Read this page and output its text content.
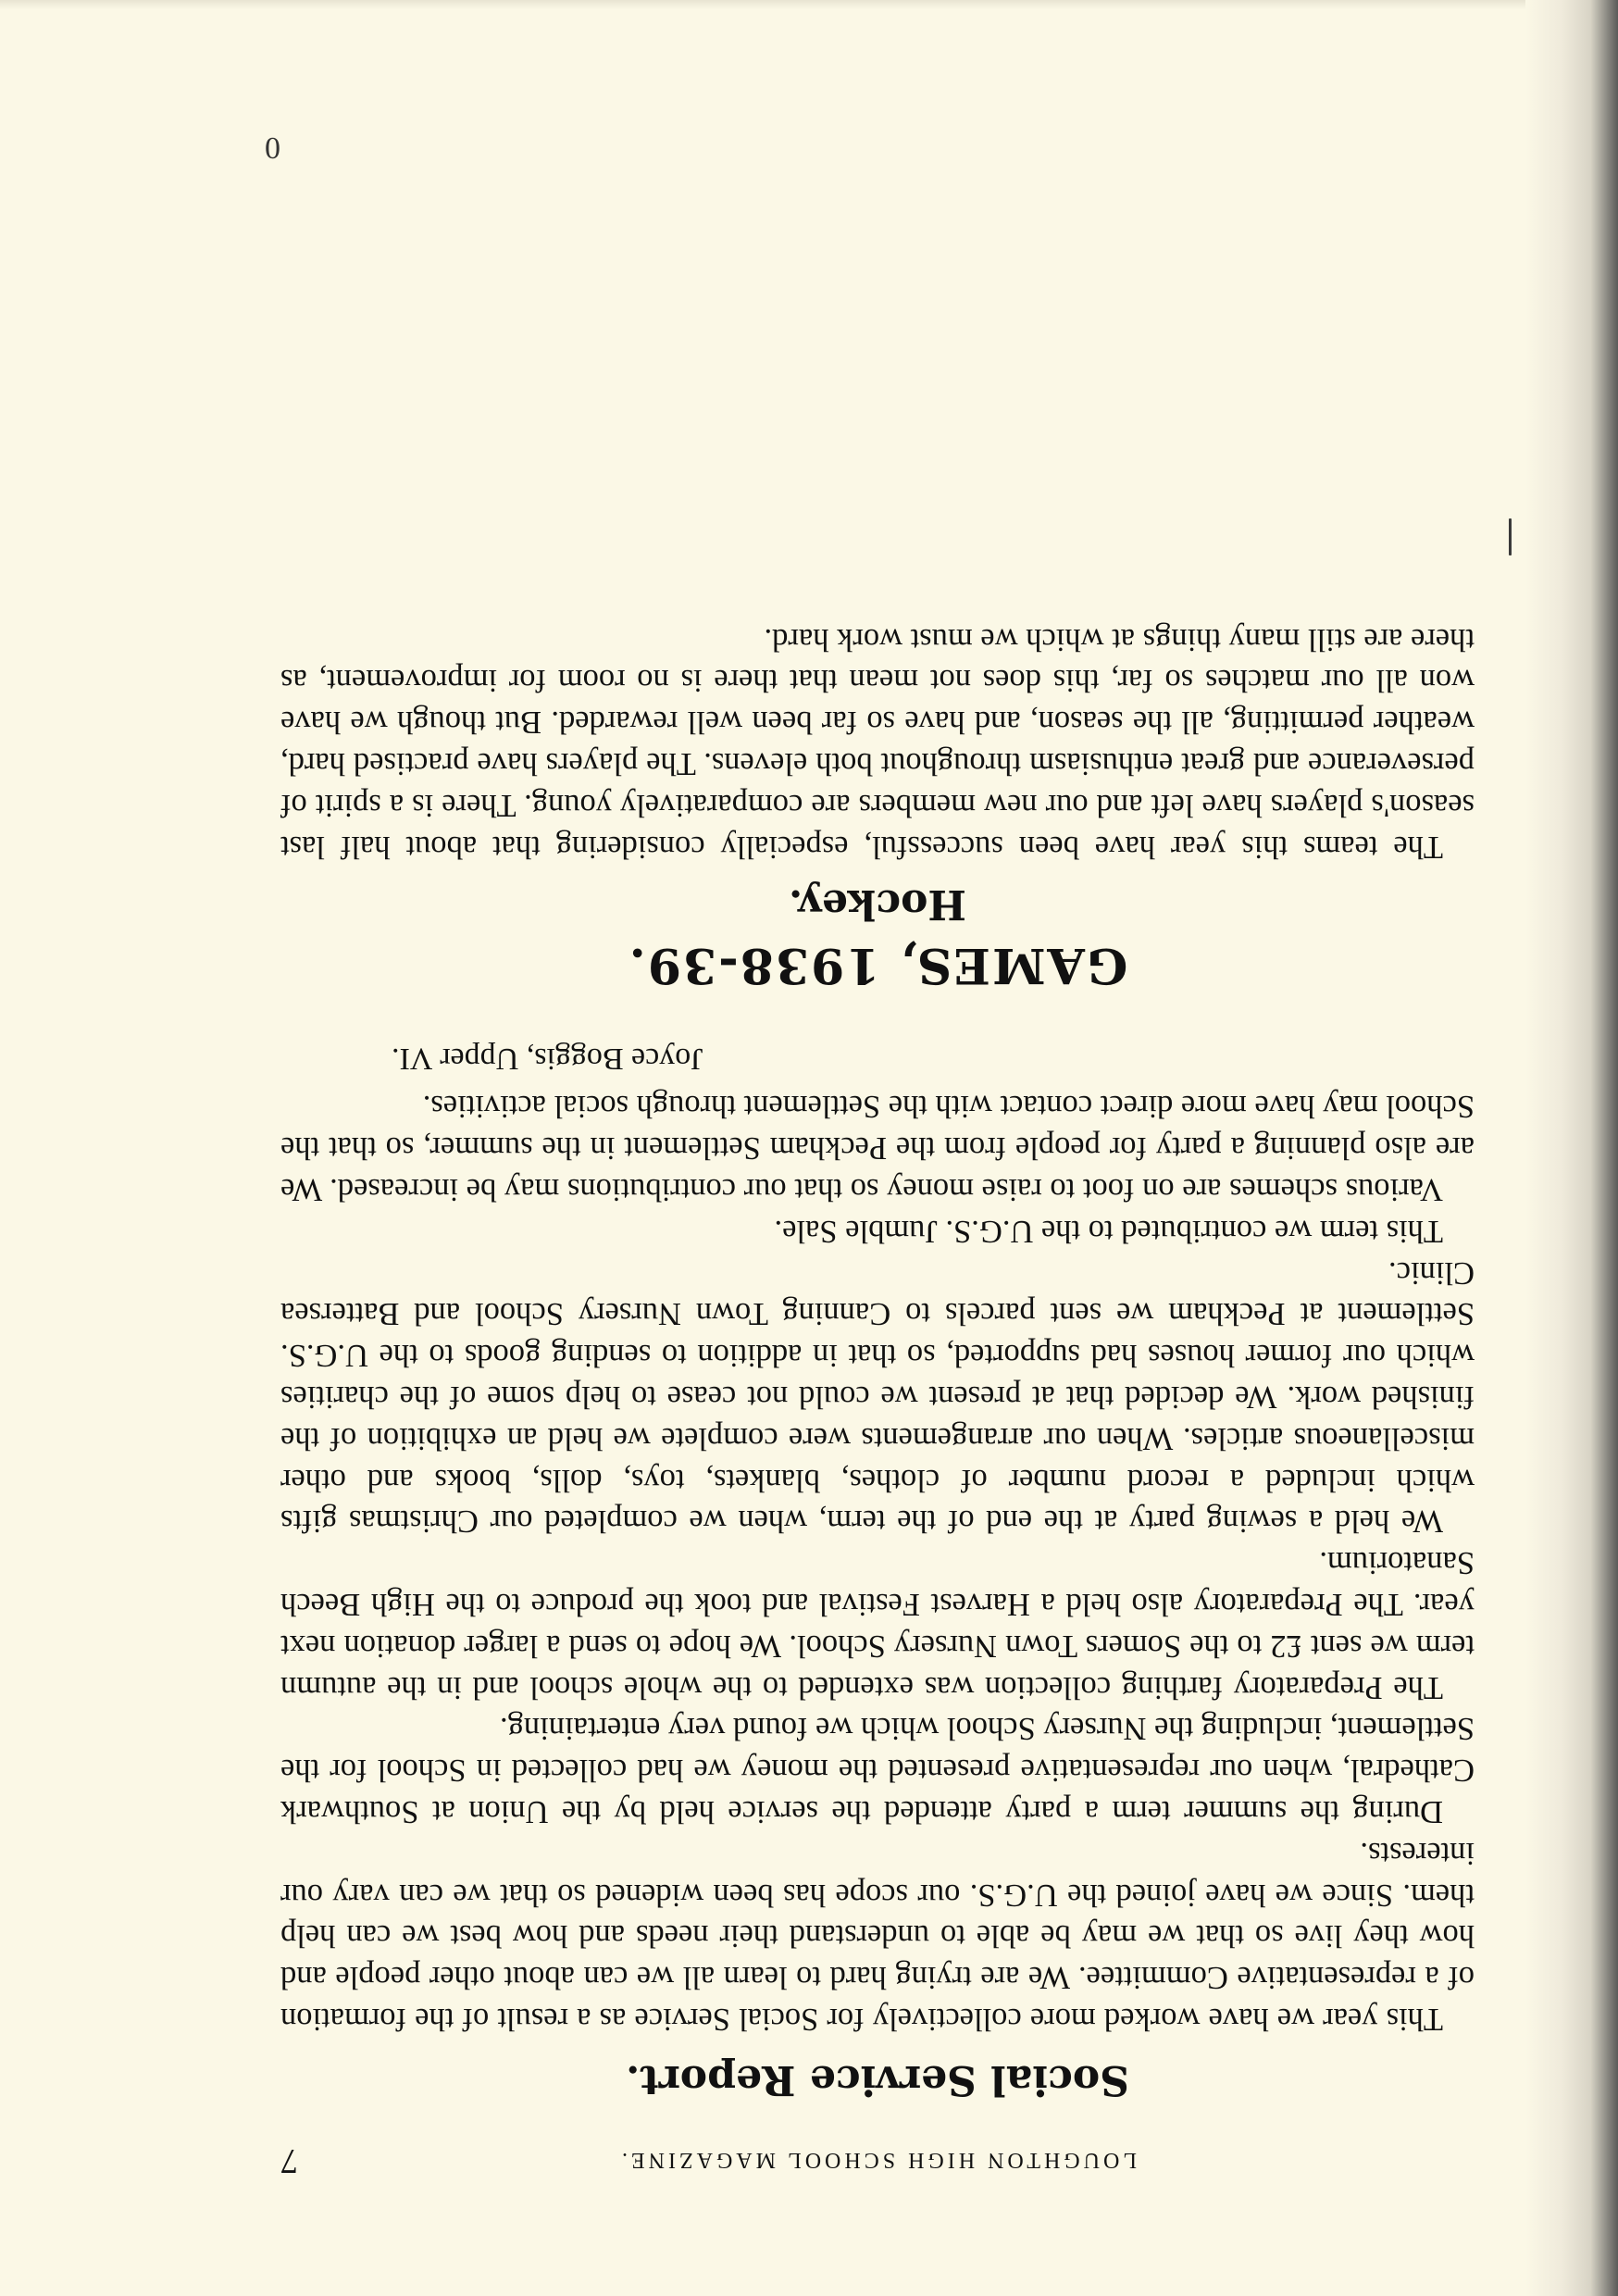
LOUGHTON HIGH SCHOOL MAGAZINE.
7
Social Service Report.

This year we have worked more collectively for Social Service as a result of the formation of a representative Committee. We are trying hard to learn all we can about other people and how they live so that we may be able to understand their needs and how best we can help them. Since we have joined the U.G.S. our scope has been widened so that we can vary our interests.

During the summer term a party attended the service held by the Union at Southwark Cathedral, when our representative presented the money we had collected in School for the Settlement, including the Nursery School which we found very entertaining.

The Preparatory farthing collection was extended to the whole school and in the autumn term we sent £2 to the Somers Town Nursery School. We hope to send a larger donation next year. The Preparatory also held a Harvest Festival and took the produce to the High Beech Sanatorium.

We held a sewing party at the end of the term, when we completed our Christmas gifts which included a record number of clothes, blankets, toys, dolls, books and other miscellaneous articles. When our arrangements were complete we held an exhibition of the finished work. We decided that at present we could not cease to help some of the charities which our former houses had supported, so that in addition to sending goods to the U.G.S. Settlement at Peckham we sent parcels to Canning Town Nursery School and Battersea Clinic.

This term we contributed to the U.G.S. Jumble Sale.

Various schemes are on foot to raise money so that our contributions may be increased. We are also planning a party for people from the Peckham Settlement in the summer, so that the School may have more direct contact with the Settlement through social activities.

Joyce Boggis, Upper VI.
GAMES, 1938-39.
Hockey.

The teams this year have been successful, especially considering that about half last season's players have left and our new members are comparatively young. There is a spirit of perseverance and great enthusiasm throughout both elevens. The players have practised hard, weather permitting, all the season, and have so far been well rewarded. But though we have won all our matches so far, this does not mean that there is no room for improvement, as there are still many things at which we must work hard.

0
